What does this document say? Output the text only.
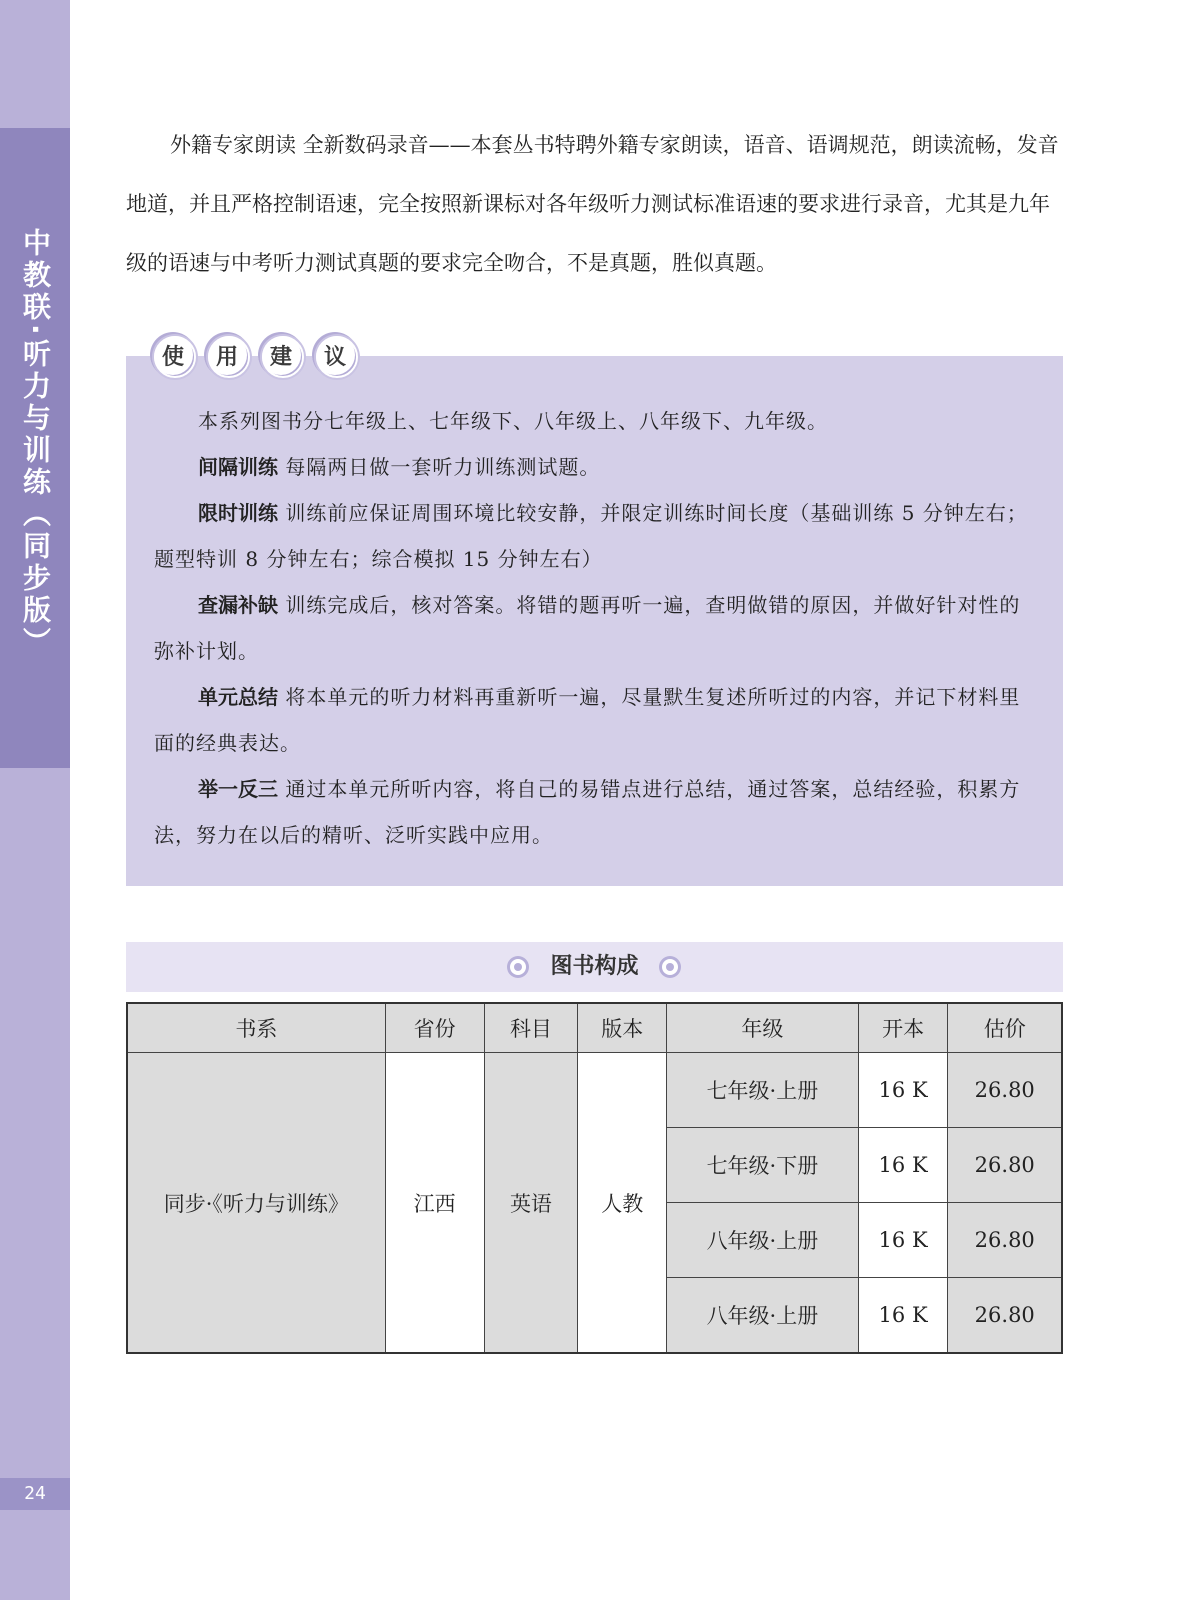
中教联·听力与训练（同步版）
24

外籍专家朗读 全新数码录音——本套丛书特聘外籍专家朗读，语音、语调规范，朗读流畅，发音地道，并且严格控制语速，完全按照新课标对各年级听力测试标准语速的要求进行录音，尤其是九年级的语速与中考听力测试真题的要求完全吻合，不是真题，胜似真题。

本系列图书分七年级上、七年级下、八年级上、八年级下、九年级。

间隔训练 每隔两日做一套听力训练测试题。

限时训练 训练前应保证周围环境比较安静，并限定训练时间长度（基础训练 5 分钟左右；题型特训 8 分钟左右；综合模拟 15 分钟左右）

查漏补缺 训练完成后，核对答案。将错的题再听一遍，查明做错的原因，并做好针对性的弥补计划。

单元总结 将本单元的听力材料再重新听一遍，尽量默生复述所听过的内容，并记下材料里面的经典表达。

举一反三 通过本单元所听内容，将自己的易错点进行总结，通过答案，总结经验，积累方法，努力在以后的精听、泛听实践中应用。

使 用 建 议
图书构成
书系	省份	科目	版本	年级	开本	估价
同步·《听力与训练》	江西	英语	人教	七年级·上册	16 K	26.80
				七年级·下册	16 K	26.80
				八年级·上册	16 K	26.80
				八年级·上册	16 K	26.80
